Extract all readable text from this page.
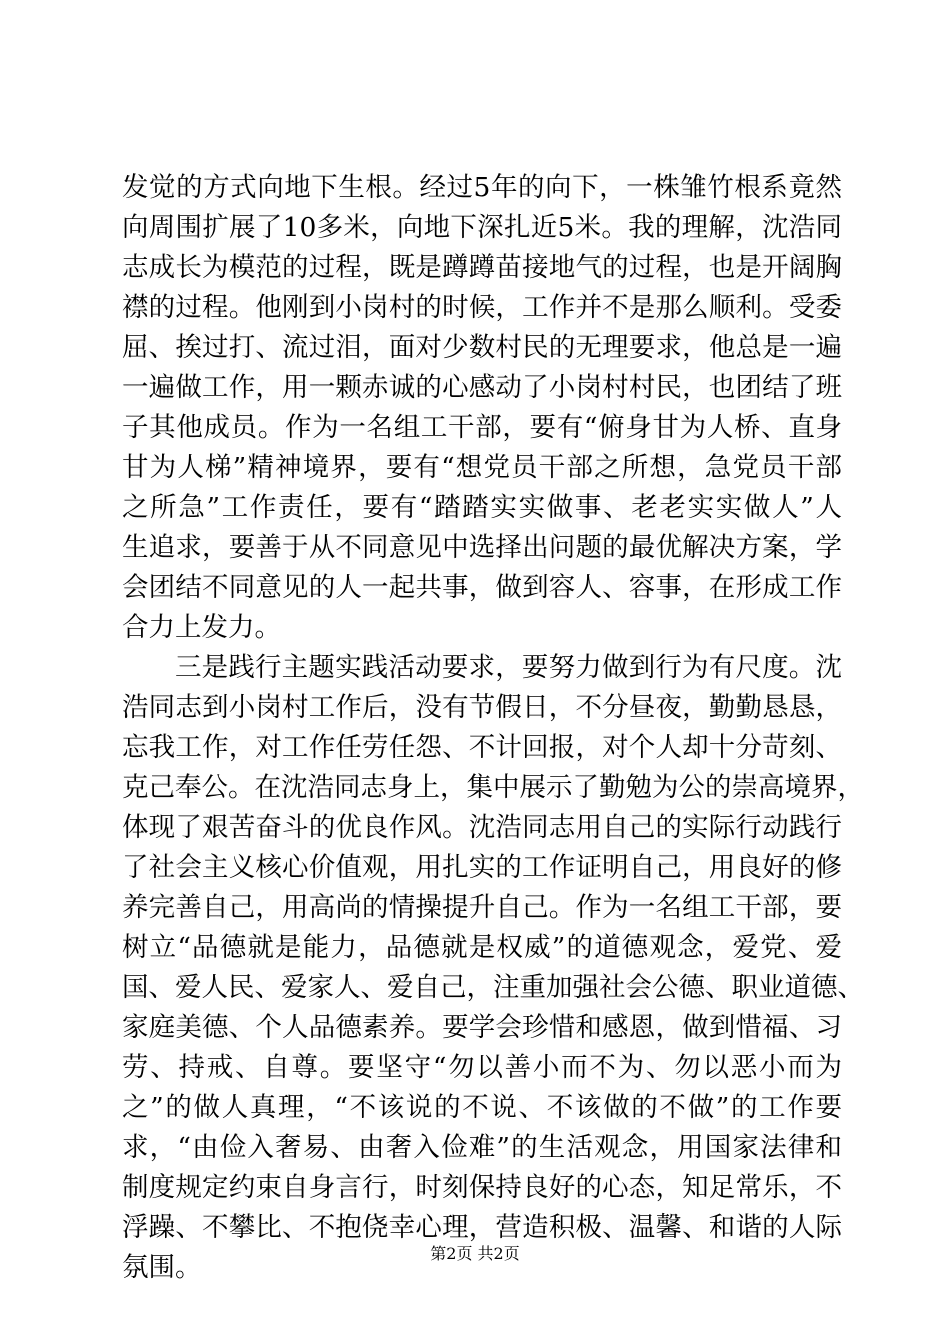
发觉的方式向地下生根。经过5年的向下，一株雏竹根系竟然
向周围扩展了10多米，向地下深扎近5米。我的理解，沈浩同
志成长为模范的过程，既是蹲蹲苗接地气的过程，也是开阔胸
襟的过程。他刚到小岗村的时候，工作并不是那么顺利。受委
屈、挨过打、流过泪，面对少数村民的无理要求，他总是一遍
一遍做工作，用一颗赤诚的心感动了小岗村村民，也团结了班
子其他成员。作为一名组工干部，要有“俯身甘为人桥、直身
甘为人梯”精神境界，要有“想党员干部之所想，急党员干部
之所急”工作责任，要有“踏踏实实做事、老老实实做人”人
生追求，要善于从不同意见中选择出问题的最优解决方案，学
会团结不同意见的人一起共事，做到容人、容事，在形成工作
合力上发力。
三是践行主题实践活动要求，要努力做到行为有尺度。沈
浩同志到小岗村工作后，没有节假日，不分昼夜，勤勤恳恳，
忘我工作，对工作任劳任怨、不计回报，对个人却十分苛刻、
克己奉公。在沈浩同志身上，集中展示了勤勉为公的崇高境界，
体现了艰苦奋斗的优良作风。沈浩同志用自己的实际行动践行
了社会主义核心价值观，用扎实的工作证明自己，用良好的修
养完善自己，用高尚的情操提升自己。作为一名组工干部，要
树立“品德就是能力，品德就是权威”的道德观念，爱党、爱
国、爱人民、爱家人、爱自己，注重加强社会公德、职业道德、
家庭美德、个人品德素养。要学会珍惜和感恩，做到惜福、习
劳、持戒、自尊。要坚守“勿以善小而不为、勿以恶小而为
之”的做人真理，“不该说的不说、不该做的不做”的工作要
求，“由俭入奢易、由奢入俭难”的生活观念，用国家法律和
制度规定约束自身言行，时刻保持良好的心态，知足常乐，不
浮躁、不攀比、不抱侥幸心理，营造积极、温馨、和谐的人际
氛围。	第2页 共2页
